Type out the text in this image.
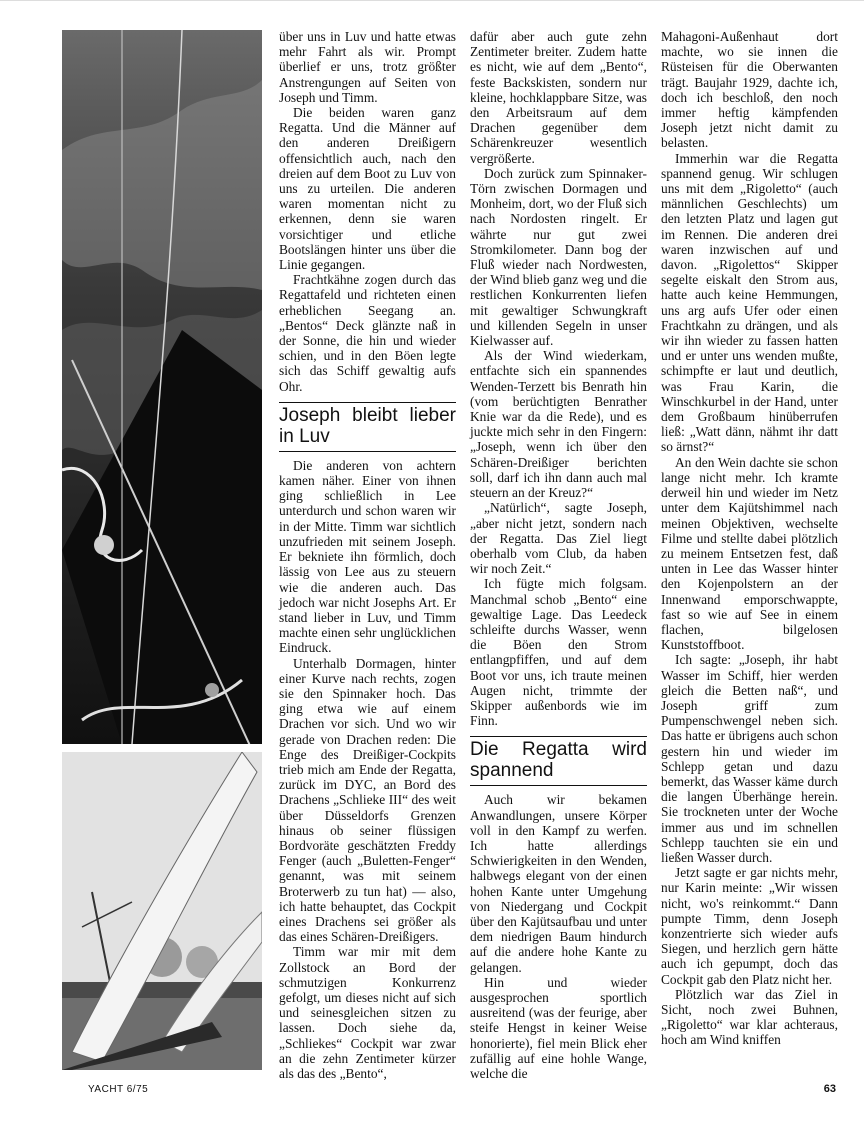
über uns in Luv und hatte etwas mehr Fahrt als wir. Prompt überlief er uns, trotz größter Anstrengungen auf Seiten von Joseph und Timm.

Die beiden waren ganz Regatta. Und die Männer auf den anderen Dreißigern offensichtlich auch, nach den dreien auf dem Boot zu Luv von uns zu urteilen. Die anderen waren momentan nicht zu erkennen, denn sie waren vorsichtiger und etliche Bootslängen hinter uns über die Linie gegangen.

Frachtkähne zogen durch das Regattafeld und richteten einen erheblichen Seegang an. „Bentos“ Deck glänzte naß in der Sonne, die hin und wieder schien, und in den Böen legte sich das Schiff gewaltig aufs Ohr.

Joseph bleibt lieber in Luv

Die anderen von achtern kamen näher. Einer von ihnen ging schließlich in Lee unterdurch und schon waren wir in der Mitte. Timm war sichtlich unzufrieden mit seinem Joseph. Er bekniete ihn förmlich, doch lässig von Lee aus zu steuern wie die anderen auch. Das jedoch war nicht Josephs Art. Er stand lieber in Luv, und Timm machte einen sehr unglücklichen Eindruck.

Unterhalb Dormagen, hinter einer Kurve nach rechts, zogen sie den Spinnaker hoch. Das ging etwa wie auf einem Drachen vor sich. Und wo wir gerade von Drachen reden: Die Enge des Dreißiger-Cockpits trieb mich am Ende der Regatta, zurück im DYC, an Bord des Drachens „Schlieke III“ des weit über Düsseldorfs Grenzen hinaus ob seiner flüssigen Bordvoräte geschätzten Freddy Fenger (auch „Buletten-Fenger“ genannt, was mit seinem Broterwerb zu tun hat) — also, ich hatte behauptet, das Cockpit eines Drachens sei größer als das eines Schären-Dreißigers.

Timm war mir mit dem Zollstock an Bord der schmutzigen Konkurrenz gefolgt, um dieses nicht auf sich und seinesgleichen sitzen zu lassen. Doch siehe da, „Schliekes“ Cockpit war zwar an die zehn Zentimeter kürzer als das des „Bento“,

dafür aber auch gute zehn Zentimeter breiter. Zudem hatte es nicht, wie auf dem „Bento“, feste Backskisten, sondern nur kleine, hochklappbare Sitze, was den Arbeitsraum auf dem Drachen gegenüber dem Schärenkreuzer wesentlich vergrößerte.

Doch zurück zum Spinnaker-Törn zwischen Dormagen und Monheim, dort, wo der Fluß sich nach Nordosten ringelt. Er währte nur gut zwei Stromkilometer. Dann bog der Fluß wieder nach Nordwesten, der Wind blieb ganz weg und die restlichen Konkurrenten liefen mit gewaltiger Schwungkraft und killenden Segeln in unser Kielwasser auf.

Als der Wind wiederkam, entfachte sich ein spannendes Wenden-Terzett bis Benrath hin (vom berüchtigten Benrather Knie war da die Rede), und es juckte mich sehr in den Fingern: „Joseph, wenn ich über den Schären-Dreißiger berichten soll, darf ich ihn dann auch mal steuern an der Kreuz?“

„Natürlich“, sagte Joseph, „aber nicht jetzt, sondern nach der Regatta. Das Ziel liegt oberhalb vom Club, da haben wir noch Zeit.“

Ich fügte mich folgsam. Manchmal schob „Bento“ eine gewaltige Lage. Das Leedeck schleifte durchs Wasser, wenn die Böen den Strom entlangpfiffen, und auf dem Boot vor uns, ich traute meinen Augen nicht, trimmte der Skipper außenbords wie im Finn.

Die Regatta wird spannend

Auch wir bekamen Anwandlungen, unsere Körper voll in den Kampf zu werfen. Ich hatte allerdings Schwierigkeiten in den Wenden, halbwegs elegant von der einen hohen Kante unter Umgehung von Niedergang und Cockpit über den Kajütsaufbau und unter dem niedrigen Baum hindurch auf die andere hohe Kante zu gelangen.

Hin und wieder ausgesprochen sportlich ausreitend (was der feurige, aber steife Hengst in keiner Weise honorierte), fiel mein Blick eher zufällig auf eine hohle Wange, welche die

Mahagoni-Außenhaut dort machte, wo sie innen die Rüsteisen für die Oberwanten trägt. Baujahr 1929, dachte ich, doch ich beschloß, den noch immer heftig kämpfenden Joseph jetzt nicht damit zu belasten.

Immerhin war die Regatta spannend genug. Wir schlugen uns mit dem „Rigoletto“ (auch männlichen Geschlechts) um den letzten Platz und lagen gut im Rennen. Die anderen drei waren inzwischen auf und davon. „Rigolettos“ Skipper segelte eiskalt den Strom aus, hatte auch keine Hemmungen, uns arg aufs Ufer oder einen Frachtkahn zu drängen, und als wir ihn wieder zu fassen hatten und er unter uns wenden mußte, schimpfte er laut und deutlich, was Frau Karin, die Winschkurbel in der Hand, unter dem Großbaum hinüberrufen ließ: „Watt dänn, nähmt ihr datt so ärnst?“

An den Wein dachte sie schon lange nicht mehr. Ich kramte derweil hin und wieder im Netz unter dem Kajütshimmel nach meinen Objektiven, wechselte Filme und stellte dabei plötzlich zu meinem Entsetzen fest, daß unten in Lee das Wasser hinter den Kojenpolstern an der Innenwand emporschwappte, fast so wie auf See in einem flachen, bilgelosen Kunststoffboot.

Ich sagte: „Joseph, ihr habt Wasser im Schiff, hier werden gleich die Betten naß“, und Joseph griff zum Pumpenschwengel neben sich. Das hatte er übrigens auch schon gestern hin und wieder im Schlepp getan und dazu bemerkt, das Wasser käme durch die langen Überhänge herein. Sie trockneten unter der Woche immer aus und im schnellen Schlepp tauchten sie ein und ließen Wasser durch.

Jetzt sagte er gar nichts mehr, nur Karin meinte: „Wir wissen nicht, wo's reinkommt.“ Dann pumpte Timm, denn Joseph konzentrierte sich wieder aufs Siegen, und herzlich gern hätte auch ich gepumpt, doch das Cockpit gab den Platz nicht her.

Plötzlich war das Ziel in Sicht, noch zwei Buhnen, „Rigoletto“ war klar achteraus, hoch am Wind kniffen

YACHT 6/75	63
